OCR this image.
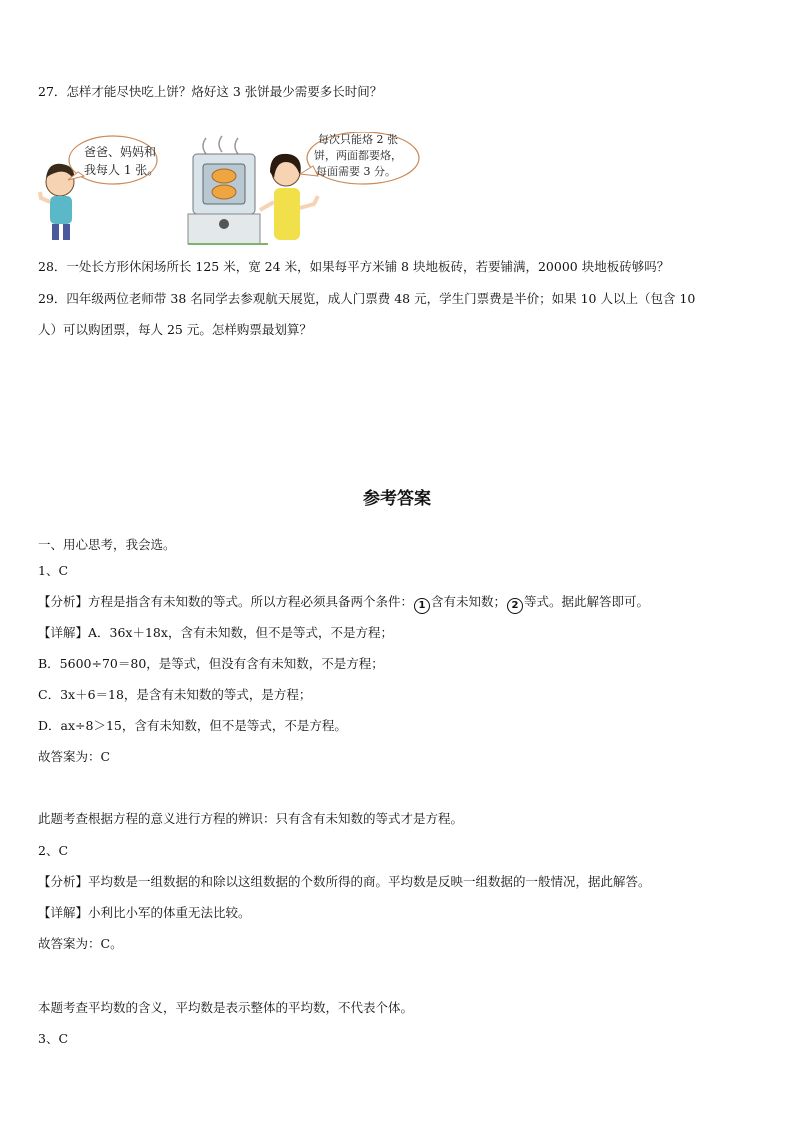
27．怎样才能尽快吃上饼？烙好这 3 张饼最少需要多长时间？
爸爸、妈妈和
我每人 1 张。
每次只能烙 2 张
饼，两面都要烙，
每面需要 3 分。
28．一处长方形休闲场所长 125 米，宽 24 米，如果每平方米铺 8 块地板砖，若要铺满，20000 块地板砖够吗？
29．四年级两位老师带 38 名同学去参观航天展览，成人门票费 48 元，学生门票费是半价；如果 10 人以上（包含 10
人）可以购团票，每人 25 元。怎样购票最划算？
参考答案
一、用心思考，我会选。
1、C
【分析】方程是指含有未知数的等式。所以方程必须具备两个条件： 1 含有未知数； 2 等式。据此解答即可。
【详解】A．36x＋18x，含有未知数，但不是等式，不是方程；
B．5600÷70＝80，是等式，但没有含有未知数，不是方程；
C．3x＋6＝18，是含有未知数的等式，是方程；
D．ax÷8＞15，含有未知数，但不是等式，不是方程。
故答案为：C
此题考查根据方程的意义进行方程的辨识：只有含有未知数的等式才是方程。
2、C
【分析】平均数是一组数据的和除以这组数据的个数所得的商。平均数是反映一组数据的一般情况，据此解答。
【详解】小利比小军的体重无法比较。
故答案为：C。
本题考查平均数的含义，平均数是表示整体的平均数，不代表个体。
3、C
